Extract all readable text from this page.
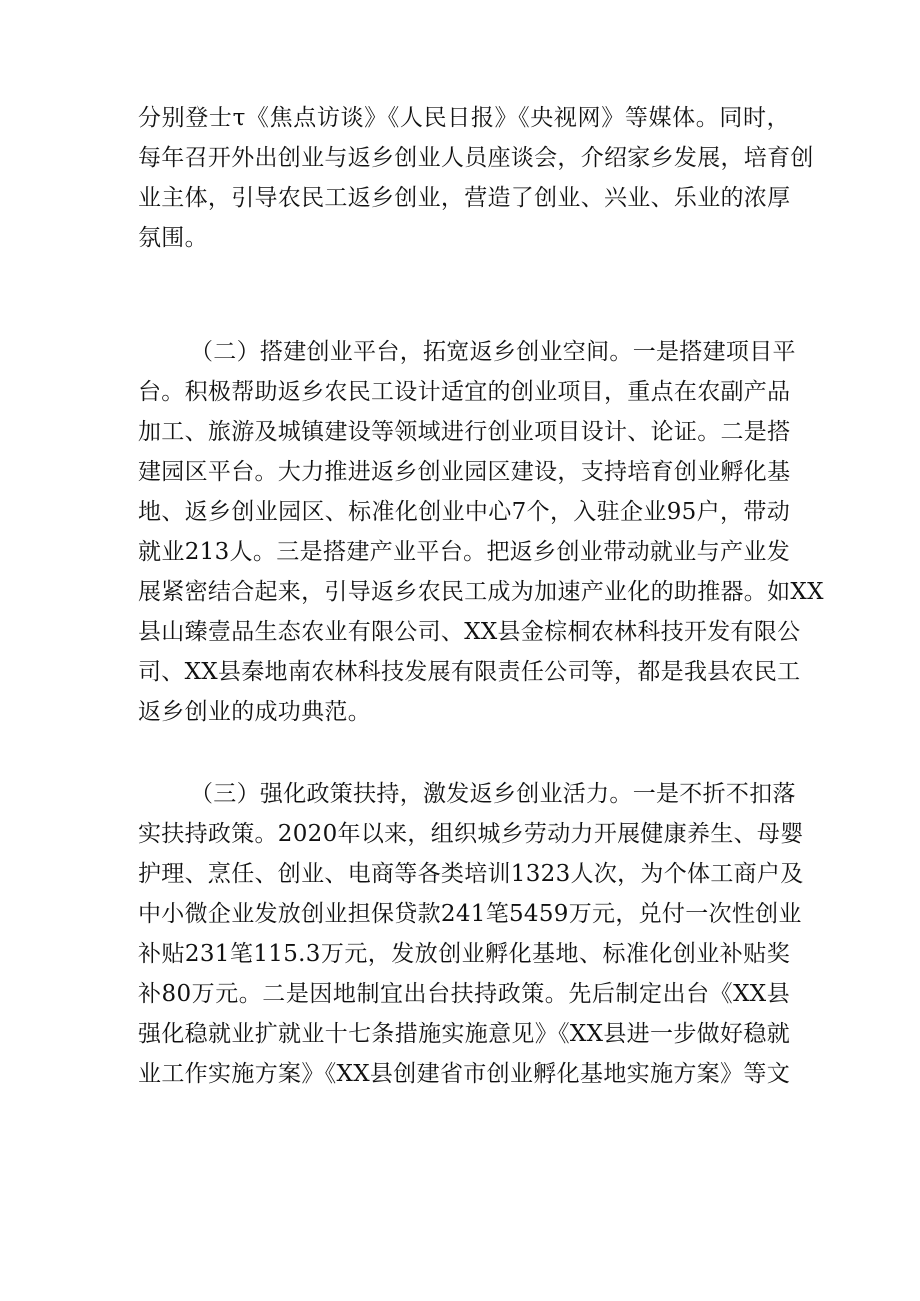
分别登士τ《焦点访谈》《人民日报》《央视网》等媒体。同时，
每年召开外出创业与返乡创业人员座谈会，介绍家乡发展，培育创
业主体，引导农民工返乡创业，营造了创业、兴业、乐业的浓厚
氛围。
（二）搭建创业平台，拓宽返乡创业空间。一是搭建项目平
台。积极帮助返乡农民工设计适宜的创业项目，重点在农副产品
加工、旅游及城镇建设等领域进行创业项目设计、论证。二是搭
建园区平台。大力推进返乡创业园区建设，支持培育创业孵化基
地、返乡创业园区、标准化创业中心7个，入驻企业95户，带动
就业213人。三是搭建产业平台。把返乡创业带动就业与产业发
展紧密结合起来，引导返乡农民工成为加速产业化的助推器。如XX
县山臻壹品生态农业有限公司、XX县金棕桐农林科技开发有限公
司、XX县秦地南农林科技发展有限责任公司等，都是我县农民工
返乡创业的成功典范。
（三）强化政策扶持，激发返乡创业活力。一是不折不扣落
实扶持政策。2020年以来，组织城乡劳动力开展健康养生、母婴
护理、烹任、创业、电商等各类培训1323人次，为个体工商户及
中小微企业发放创业担保贷款241笔5459万元，兑付一次性创业
补贴231笔115.3万元，发放创业孵化基地、标准化创业补贴奖
补80万元。二是因地制宜出台扶持政策。先后制定出台《XX县
强化稳就业扩就业十七条措施实施意见》《XX县进一步做好稳就
业工作实施方案》《XX县创建省市创业孵化基地实施方案》等文
